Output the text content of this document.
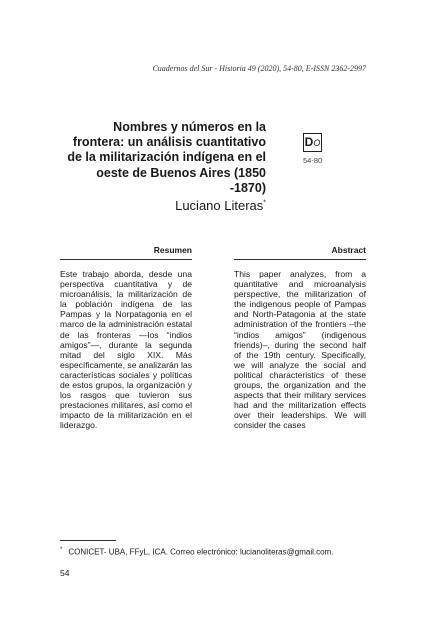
Cuadernos del Sur - Historia 49 (2020), 54-80, E-ISSN 2362-2997
Nombres y números en la frontera: un análisis cuantitativo de la militarización indígena en el oeste de Buenos Aires (1850 -1870)
Luciano Literas*
DO
54-80
Resumen

Este trabajo aborda, desde una perspectiva cuantitativa y de microanálisis, la militarización de la población indígena de las Pampas y la Norpatagonia en el marco de la administración estatal de las fronteras —los “indios amigos”—, durante la segunda mitad del siglo XIX. Más específicamente, se analizarán las características sociales y políticas de estos grupos, la organización y los rasgos que tuvieron sus prestaciones militares, así como el impacto de la militarización en el liderazgo.

Abstract

This paper analyzes, from a quantitative and microanalysis perspective, the militarization of the indigenous people of Pampas and North-Patagonia at the state administration of the frontiers –the “indios amigos” (indigenous friends)–, during the second half of the 19th century. Specifically, we will analyze the social and political characteristics of these groups, the organization and the aspects that their military services had and the militarization effects over their leaderships. We will consider the cases

* CONICET- UBA, FFyL, ICA. Correo electrónico: lucianoliteras@gmail.com.
54
